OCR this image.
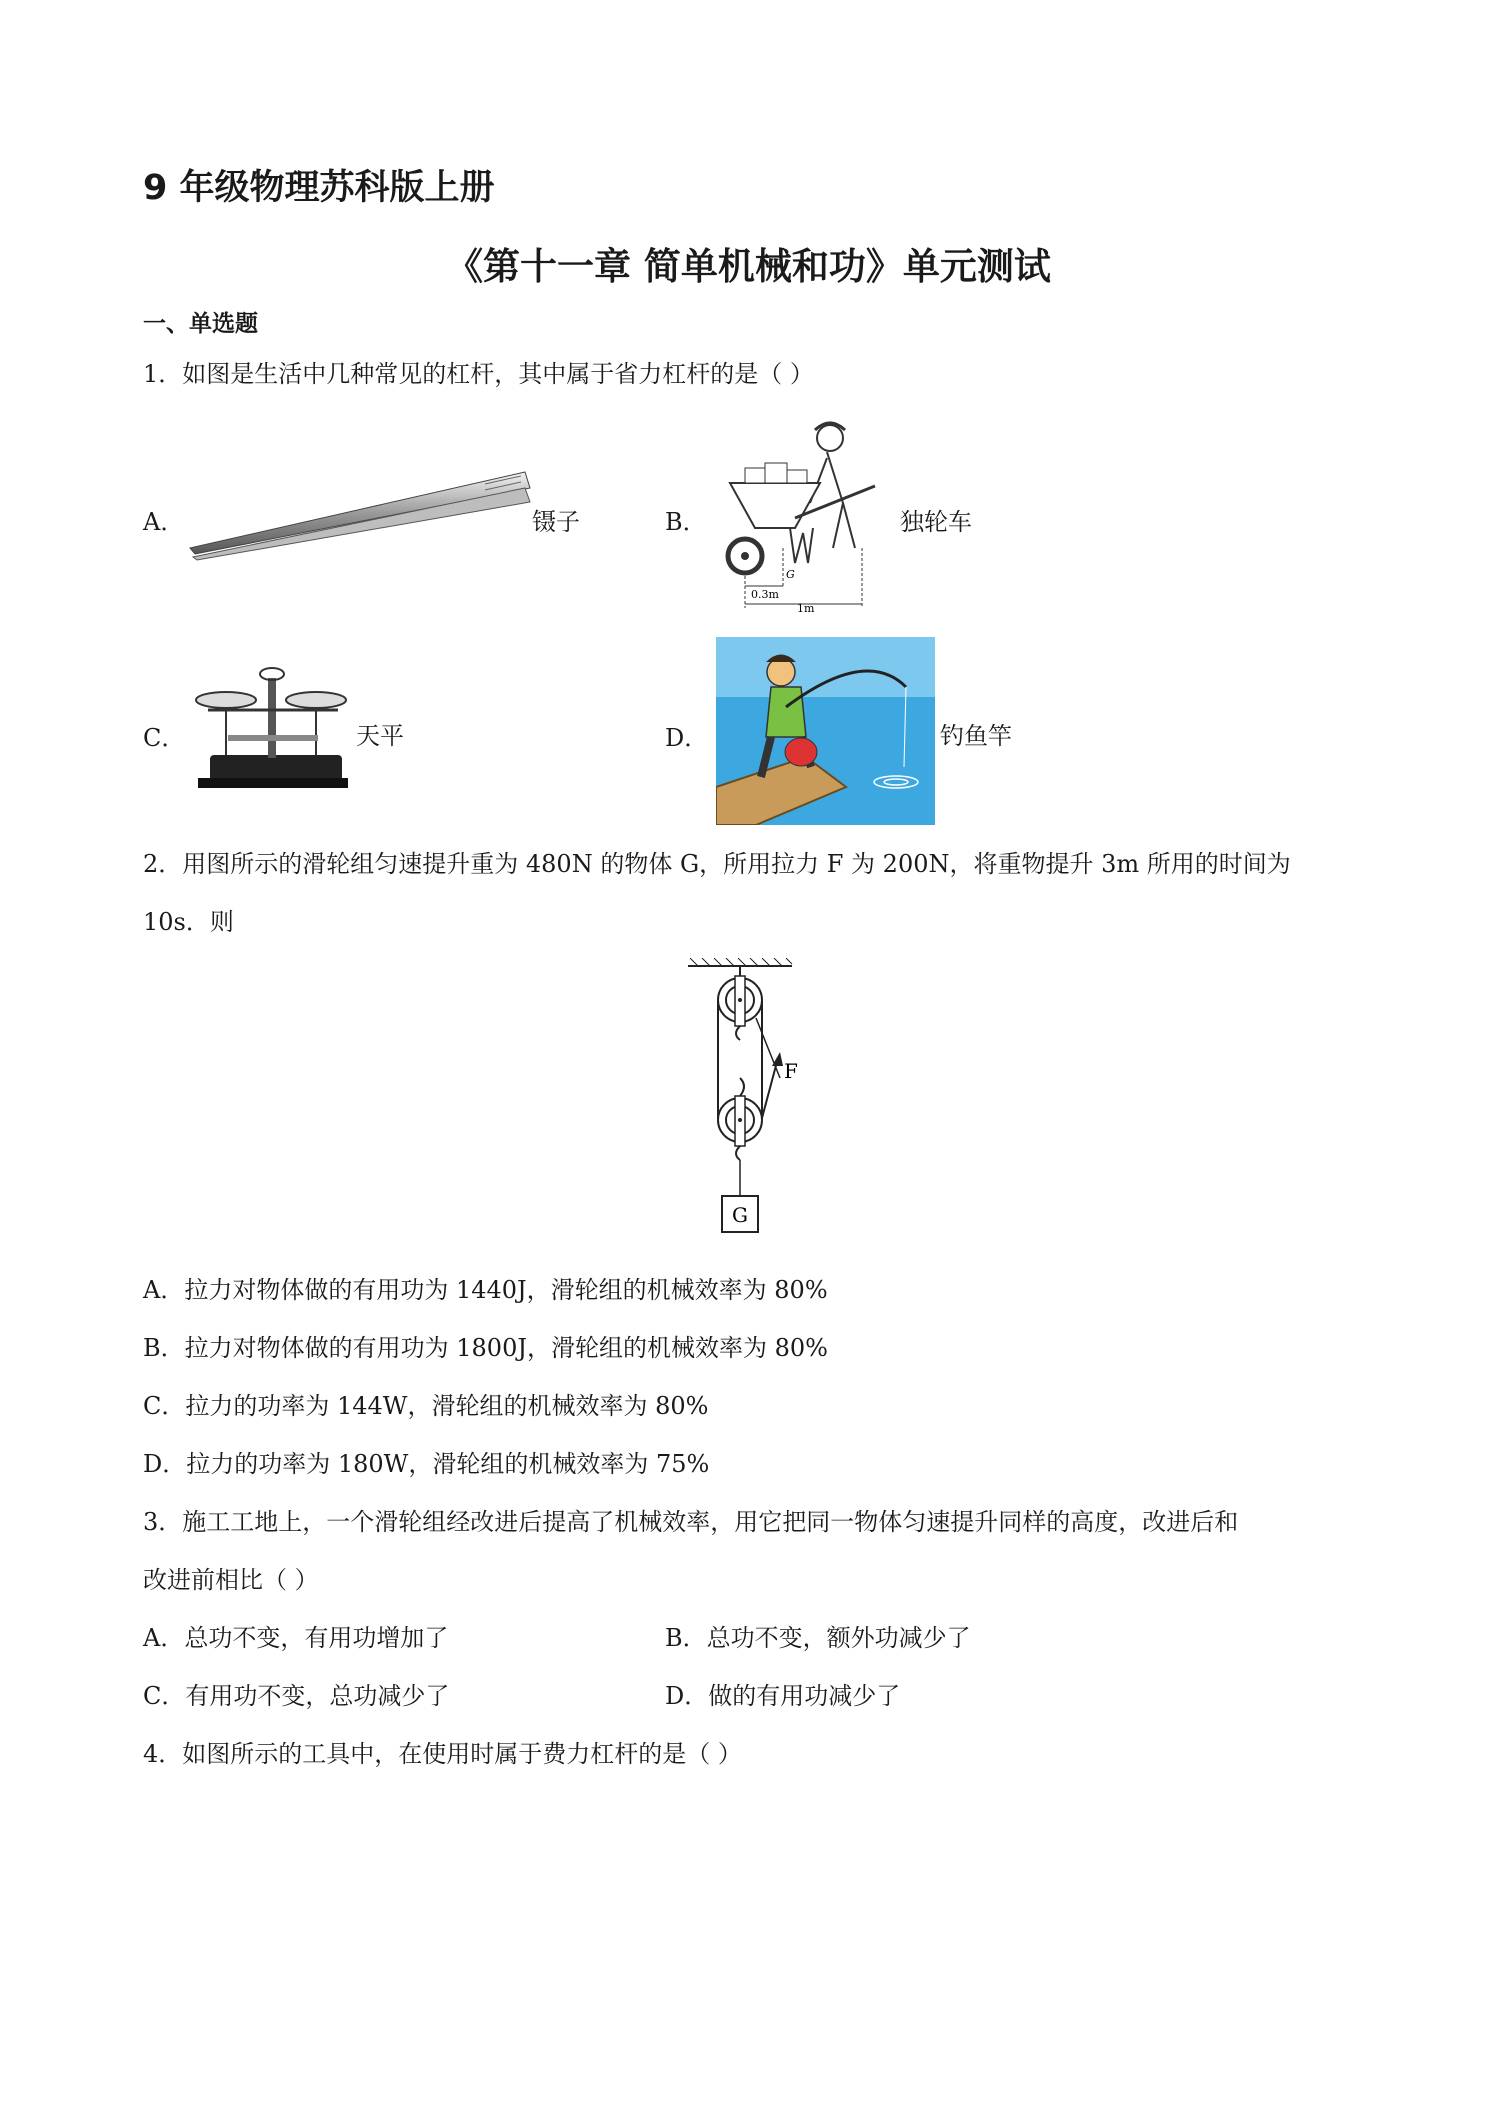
9 年级物理苏科版上册
《第十一章 简单机械和功》单元测试
一、单选题
1．如图是生活中几种常见的杠杆，其中属于省力杠杆的是（ ）
A．	镊子	B．
0.3m
1m
G
独轮车
C．	天平	D．	钓鱼竿
2．用图所示的滑轮组匀速提升重为 480N 的物体 G，所用拉力 F 为 200N，将重物提升 3m 所用的时间为
10s．则
F
G
A．拉力对物体做的有用功为 1440J，滑轮组的机械效率为 80%
B．拉力对物体做的有用功为 1800J，滑轮组的机械效率为 80%
C．拉力的功率为 144W，滑轮组的机械效率为 80%
D．拉力的功率为 180W，滑轮组的机械效率为 75%
3．施工工地上，一个滑轮组经改进后提高了机械效率，用它把同一物体匀速提升同样的高度，改进后和
改进前相比（ ）
A．总功不变，有用功增加了	B．总功不变，额外功减少了
C．有用功不变，总功减少了	D．做的有用功减少了
4．如图所示的工具中，在使用时属于费力杠杆的是（ ）
